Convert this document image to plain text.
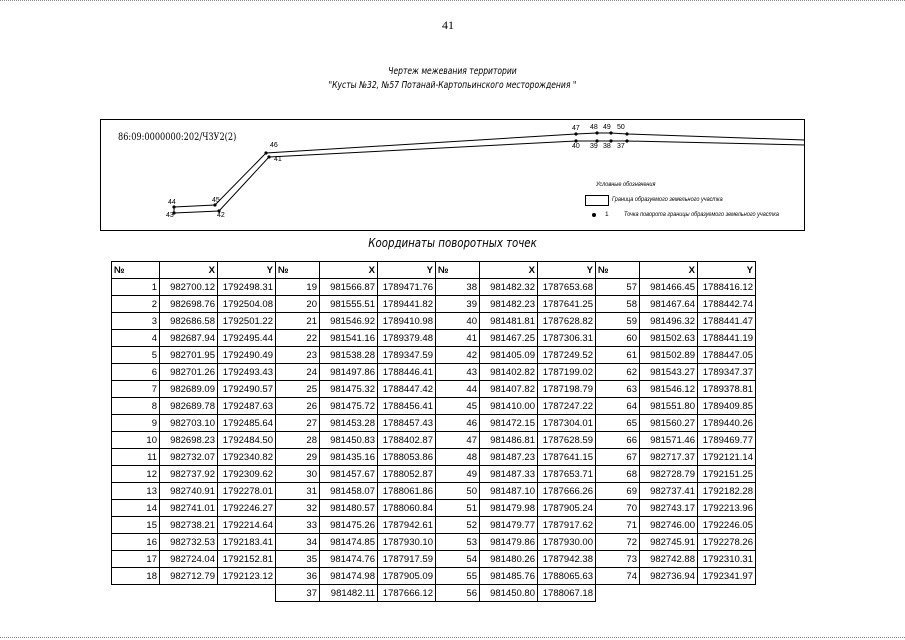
41
Чертеж межевания территории
"Кусты №32, №57 Потанай-Картопьинского месторождения "
86:09:0000000:202/ЧЗУ2(2)
44
43
45
42
46
41
47 48 49 50
40 39 38 37
Условные обозначения
Граница образуемого земельного участка
1 Точка поворота границы образуемого земельного участка
Координаты поворотных точек
№	X	Y	№	X	Y	№	X	Y	№	X	Y
1	982700.12	1792498.31	19	981566.87	1789471.76	38	981482.32	1787653.68	57	981466.45	1788416.12
2	982698.76	1792504.08	20	981555.51	1789441.82	39	981482.23	1787641.25	58	981467.64	1788442.74
3	982686.58	1792501.22	21	981546.92	1789410.98	40	981481.81	1787628.82	59	981496.32	1788441.47
4	982687.94	1792495.44	22	981541.16	1789379.48	41	981467.25	1787306.31	60	981502.63	1788441.19
5	982701.95	1792490.49	23	981538.28	1789347.59	42	981405.09	1787249.52	61	981502.89	1788447.05
6	982701.26	1792493.43	24	981497.86	1788446.41	43	981402.82	1787199.02	62	981543.27	1789347.37
7	982689.09	1792490.57	25	981475.32	1788447.42	44	981407.82	1787198.79	63	981546.12	1789378.81
8	982689.78	1792487.63	26	981475.72	1788456.41	45	981410.00	1787247.22	64	981551.80	1789409.85
9	982703.10	1792485.64	27	981453.28	1788457.43	46	981472.15	1787304.01	65	981560.27	1789440.26
10	982698.23	1792484.50	28	981450.83	1788402.87	47	981486.81	1787628.59	66	981571.46	1789469.77
11	982732.07	1792340.82	29	981435.16	1788053.86	48	981487.23	1787641.15	67	982717.37	1792121.14
12	982737.92	1792309.62	30	981457.67	1788052.87	49	981487.33	1787653.71	68	982728.79	1792151.25
13	982740.91	1792278.01	31	981458.07	1788061.86	50	981487.10	1787666.26	69	982737.41	1792182.28
14	982741.01	1792246.27	32	981480.57	1788060.84	51	981479.98	1787905.24	70	982743.17	1792213.96
15	982738.21	1792214.64	33	981475.26	1787942.61	52	981479.77	1787917.62	71	982746.00	1792246.05
16	982732.53	1792183.41	34	981474.85	1787930.10	53	981479.86	1787930.00	72	982745.91	1792278.26
17	982724.04	1792152.81	35	981474.76	1787917.59	54	981480.26	1787942.38	73	982742.88	1792310.31
18	982712.79	1792123.12	36	981474.98	1787905.09	55	981485.76	1788065.63	74	982736.94	1792341.97
			37	981482.11	1787666.12	56	981450.80	1788067.18			
